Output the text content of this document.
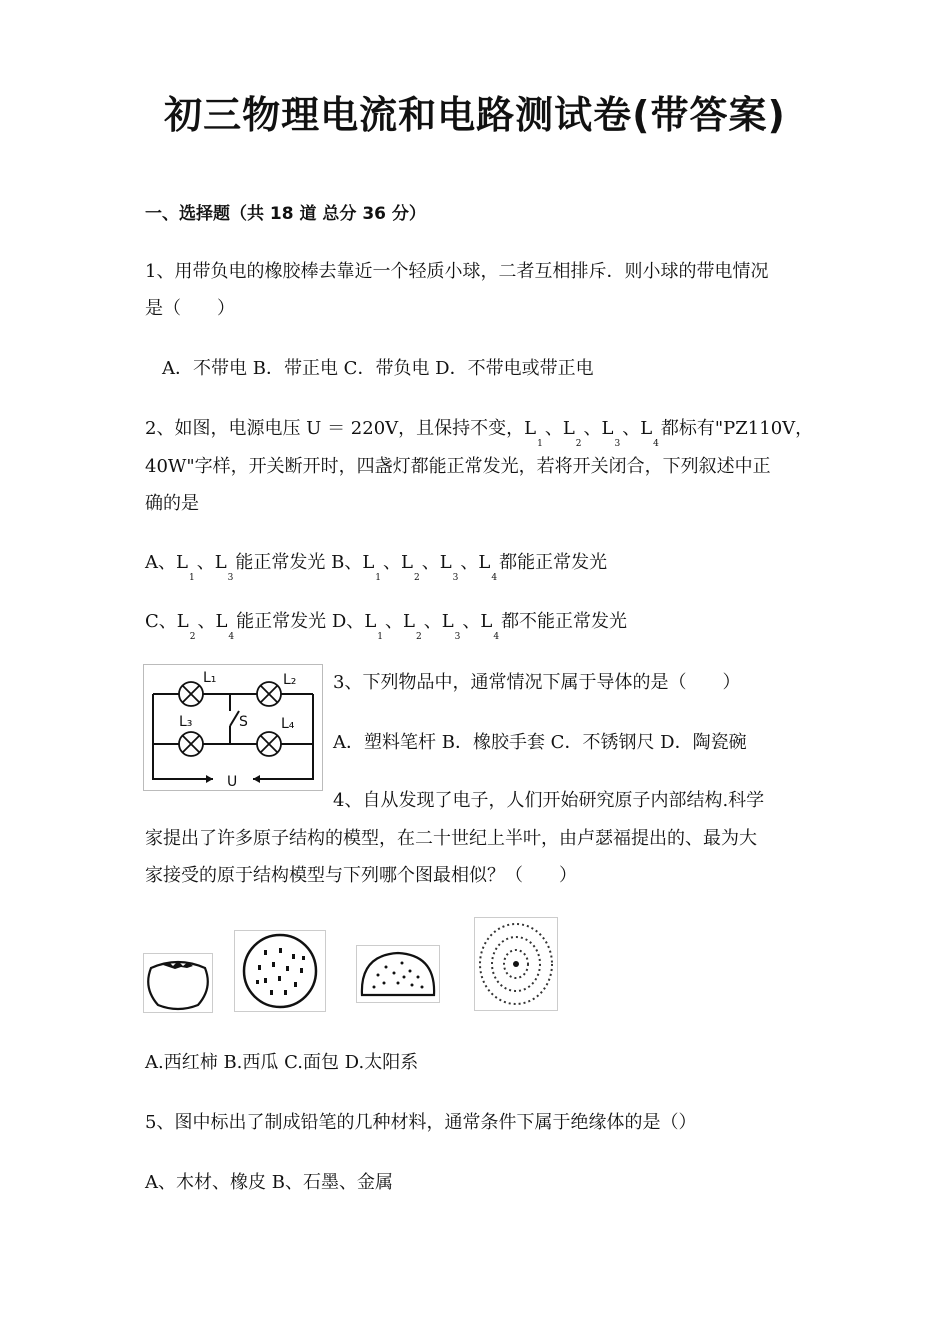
初三物理电流和电路测试卷(带答案)
一、选择题（共 18 道 总分 36 分）
1、用带负电的橡胶棒去靠近一个轻质小球，二者互相排斥．则小球的带电情况
是（　　）
A．不带电 B．带正电 C．带负电 D．不带电或带正电
2、如图，电源电压 U ＝ 220V，且保持不变，$L_1$、$L_2$、$L_3$、$L_4$都标有"PZ110V，
40W"字样，开关断开时，四盏灯都能正常发光，若将开关闭合，下列叙述中正
确的是
A、$L_1$、$L_3$能正常发光 B、$L_1$、$L_2$、$L_3$、$L_4$都能正常发光
C、$L_2$、$L_4$能正常发光 D、$L_1$、$L_2$、$L_3$、$L_4$都不能正常发光
L₁	L₂
L₃	L₄
S
U
3、下列物品中，通常情况下属于导体的是（　　）
A．塑料笔杆 B．橡胶手套 C．不锈钢尺 D．陶瓷碗
4、自从发现了电子，人们开始研究原子内部结构.科学
家提出了许多原子结构的模型，在二十世纪上半叶，由卢瑟福提出的、最为大
家接受的原于结构模型与下列哪个图最相似？（　　）
A.西红柿 B.西瓜 C.面包 D.太阳系
5、图中标出了制成铅笔的几种材料，通常条件下属于绝缘体的是（）
A、木材、橡皮 B、石墨、金属
